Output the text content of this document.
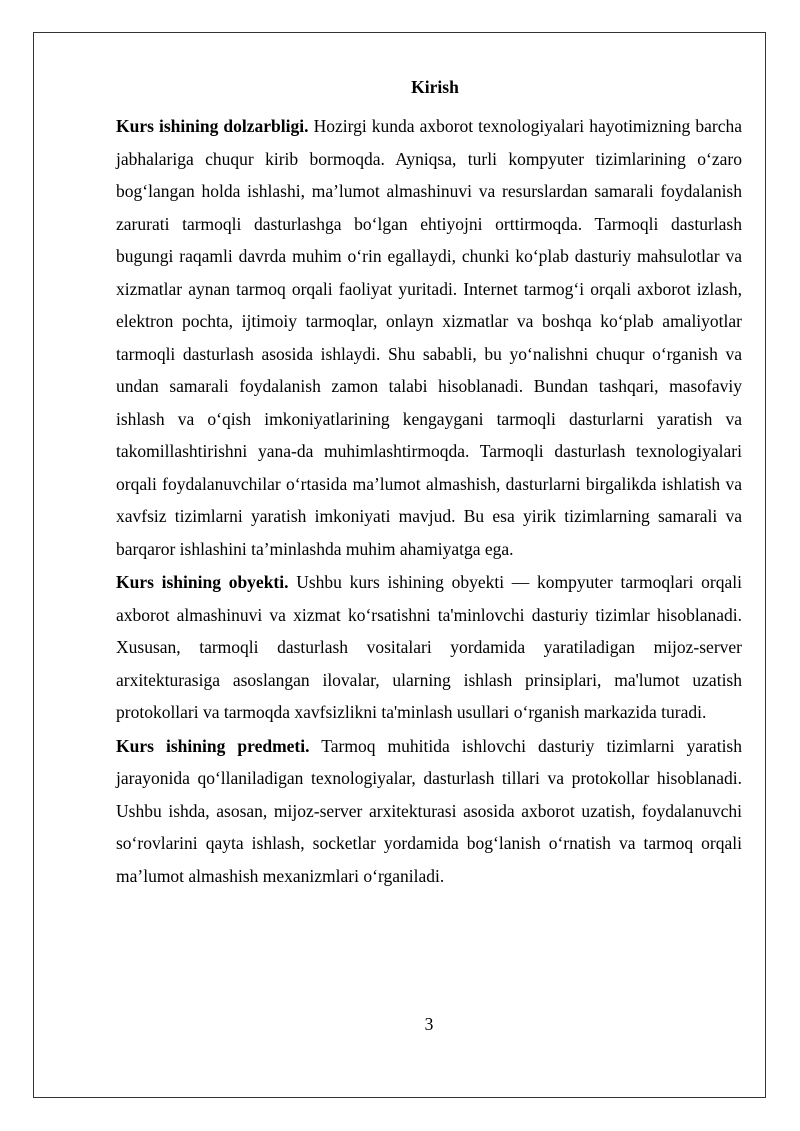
Kirish

Kurs ishining dolzarbligi. Hozirgi kunda axborot texnologiyalari hayotimizning barcha jabhalariga chuqur kirib bormoqda. Ayniqsa, turli kompyuter tizimlarining o‘zaro bog‘langan holda ishlashi, ma’lumot almashinuvi va resurslardan samarali foydalanish zarurati tarmoqli dasturlashga bo‘lgan ehtiyojni orttirmoqda. Tarmoqli dasturlash bugungi raqamli davrda muhim o‘rin egallaydi, chunki ko‘plab dasturiy mahsulotlar va xizmatlar aynan tarmoq orqali faoliyat yuritadi. Internet tarmog‘i orqali axborot izlash, elektron pochta, ijtimoiy tarmoqlar, onlayn xizmatlar va boshqa ko‘plab amaliyotlar tarmoqli dasturlash asosida ishlaydi. Shu sababli, bu yo‘nalishni chuqur o‘rganish va undan samarali foydalanish zamon talabi hisoblanadi. Bundan tashqari, masofaviy ishlash va o‘qish imkoniyatlarining kengaygani tarmoqli dasturlarni yaratish va takomillashtirishni yana-da muhimlashtirmoqda. Tarmoqli dasturlash texnologiyalari orqali foydalanuvchilar o‘rtasida ma’lumot almashish, dasturlarni birgalikda ishlatish va xavfsiz tizimlarni yaratish imkoniyati mavjud. Bu esa yirik tizimlarning samarali va barqaror ishlashini ta’minlashda muhim ahamiyatga ega.

Kurs ishining obyekti. Ushbu kurs ishining obyekti — kompyuter tarmoqlari orqali axborot almashinuvi va xizmat ko‘rsatishni ta'minlovchi dasturiy tizimlar hisoblanadi. Xususan, tarmoqli dasturlash vositalari yordamida yaratiladigan mijoz-server arxitekturasiga asoslangan ilovalar, ularning ishlash prinsiplari, ma'lumot uzatish protokollari va tarmoqda xavfsizlikni ta'minlash usullari o‘rganish markazida turadi.

Kurs ishining predmeti. Tarmoq muhitida ishlovchi dasturiy tizimlarni yaratish jarayonida qo‘llaniladigan texnologiyalar, dasturlash tillari va protokollar hisoblanadi. Ushbu ishda, asosan, mijoz-server arxitekturasi asosida axborot uzatish, foydalanuvchi so‘rovlarini qayta ishlash, socketlar yordamida bog‘lanish o‘rnatish va tarmoq orqali ma’lumot almashish mexanizmlari o‘rganiladi.

3
